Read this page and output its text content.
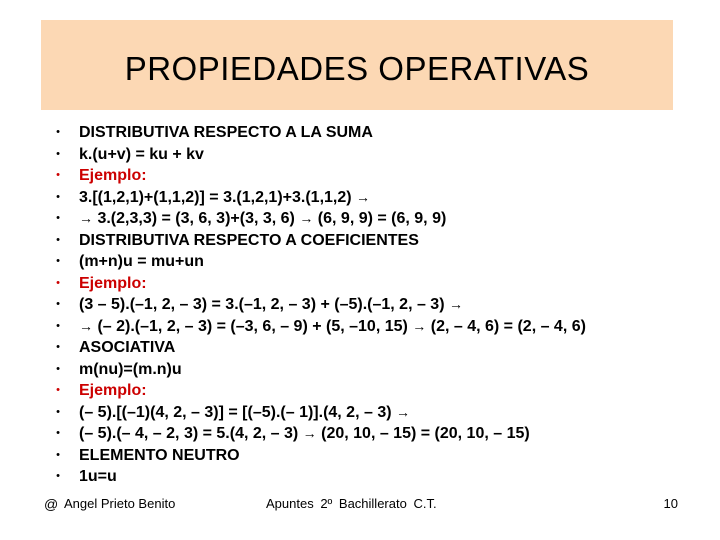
PROPIEDADES OPERATIVAS
• DISTRIBUTIVA RESPECTO A LA SUMA
• k.(u+v) = ku + kv
• Ejemplo:
• 3.[(1,2,1)+(1,1,2)] = 3.(1,2,1)+3.(1,1,2) →
• → 3.(2,3,3) = (3, 6, 3)+(3, 3, 6) → (6, 9, 9) = (6, 9, 9)
• DISTRIBUTIVA RESPECTO A COEFICIENTES
• (m+n)u = mu+un
• Ejemplo:
• (3 – 5).(–1, 2, – 3) = 3.(–1, 2, – 3) + (–5).(–1, 2, – 3) →
• → (– 2).(–1, 2, – 3) = (–3, 6, – 9) + (5, –10, 15) → (2, – 4, 6) = (2, – 4, 6)
• ASOCIATIVA
• m(nu)=(m.n)u
• Ejemplo:
• (– 5).[(–1)(4, 2, – 3)] = [(–5).(– 1)].(4, 2, – 3) →
• (– 5).(– 4, – 2, 3) = 5.(4, 2, – 3) → (20, 10, – 15) = (20, 10, – 15)
• ELEMENTO NEUTRO
• 1u=u
@ Angel Prieto Benito	Apuntes 2º Bachillerato C.T.	10
